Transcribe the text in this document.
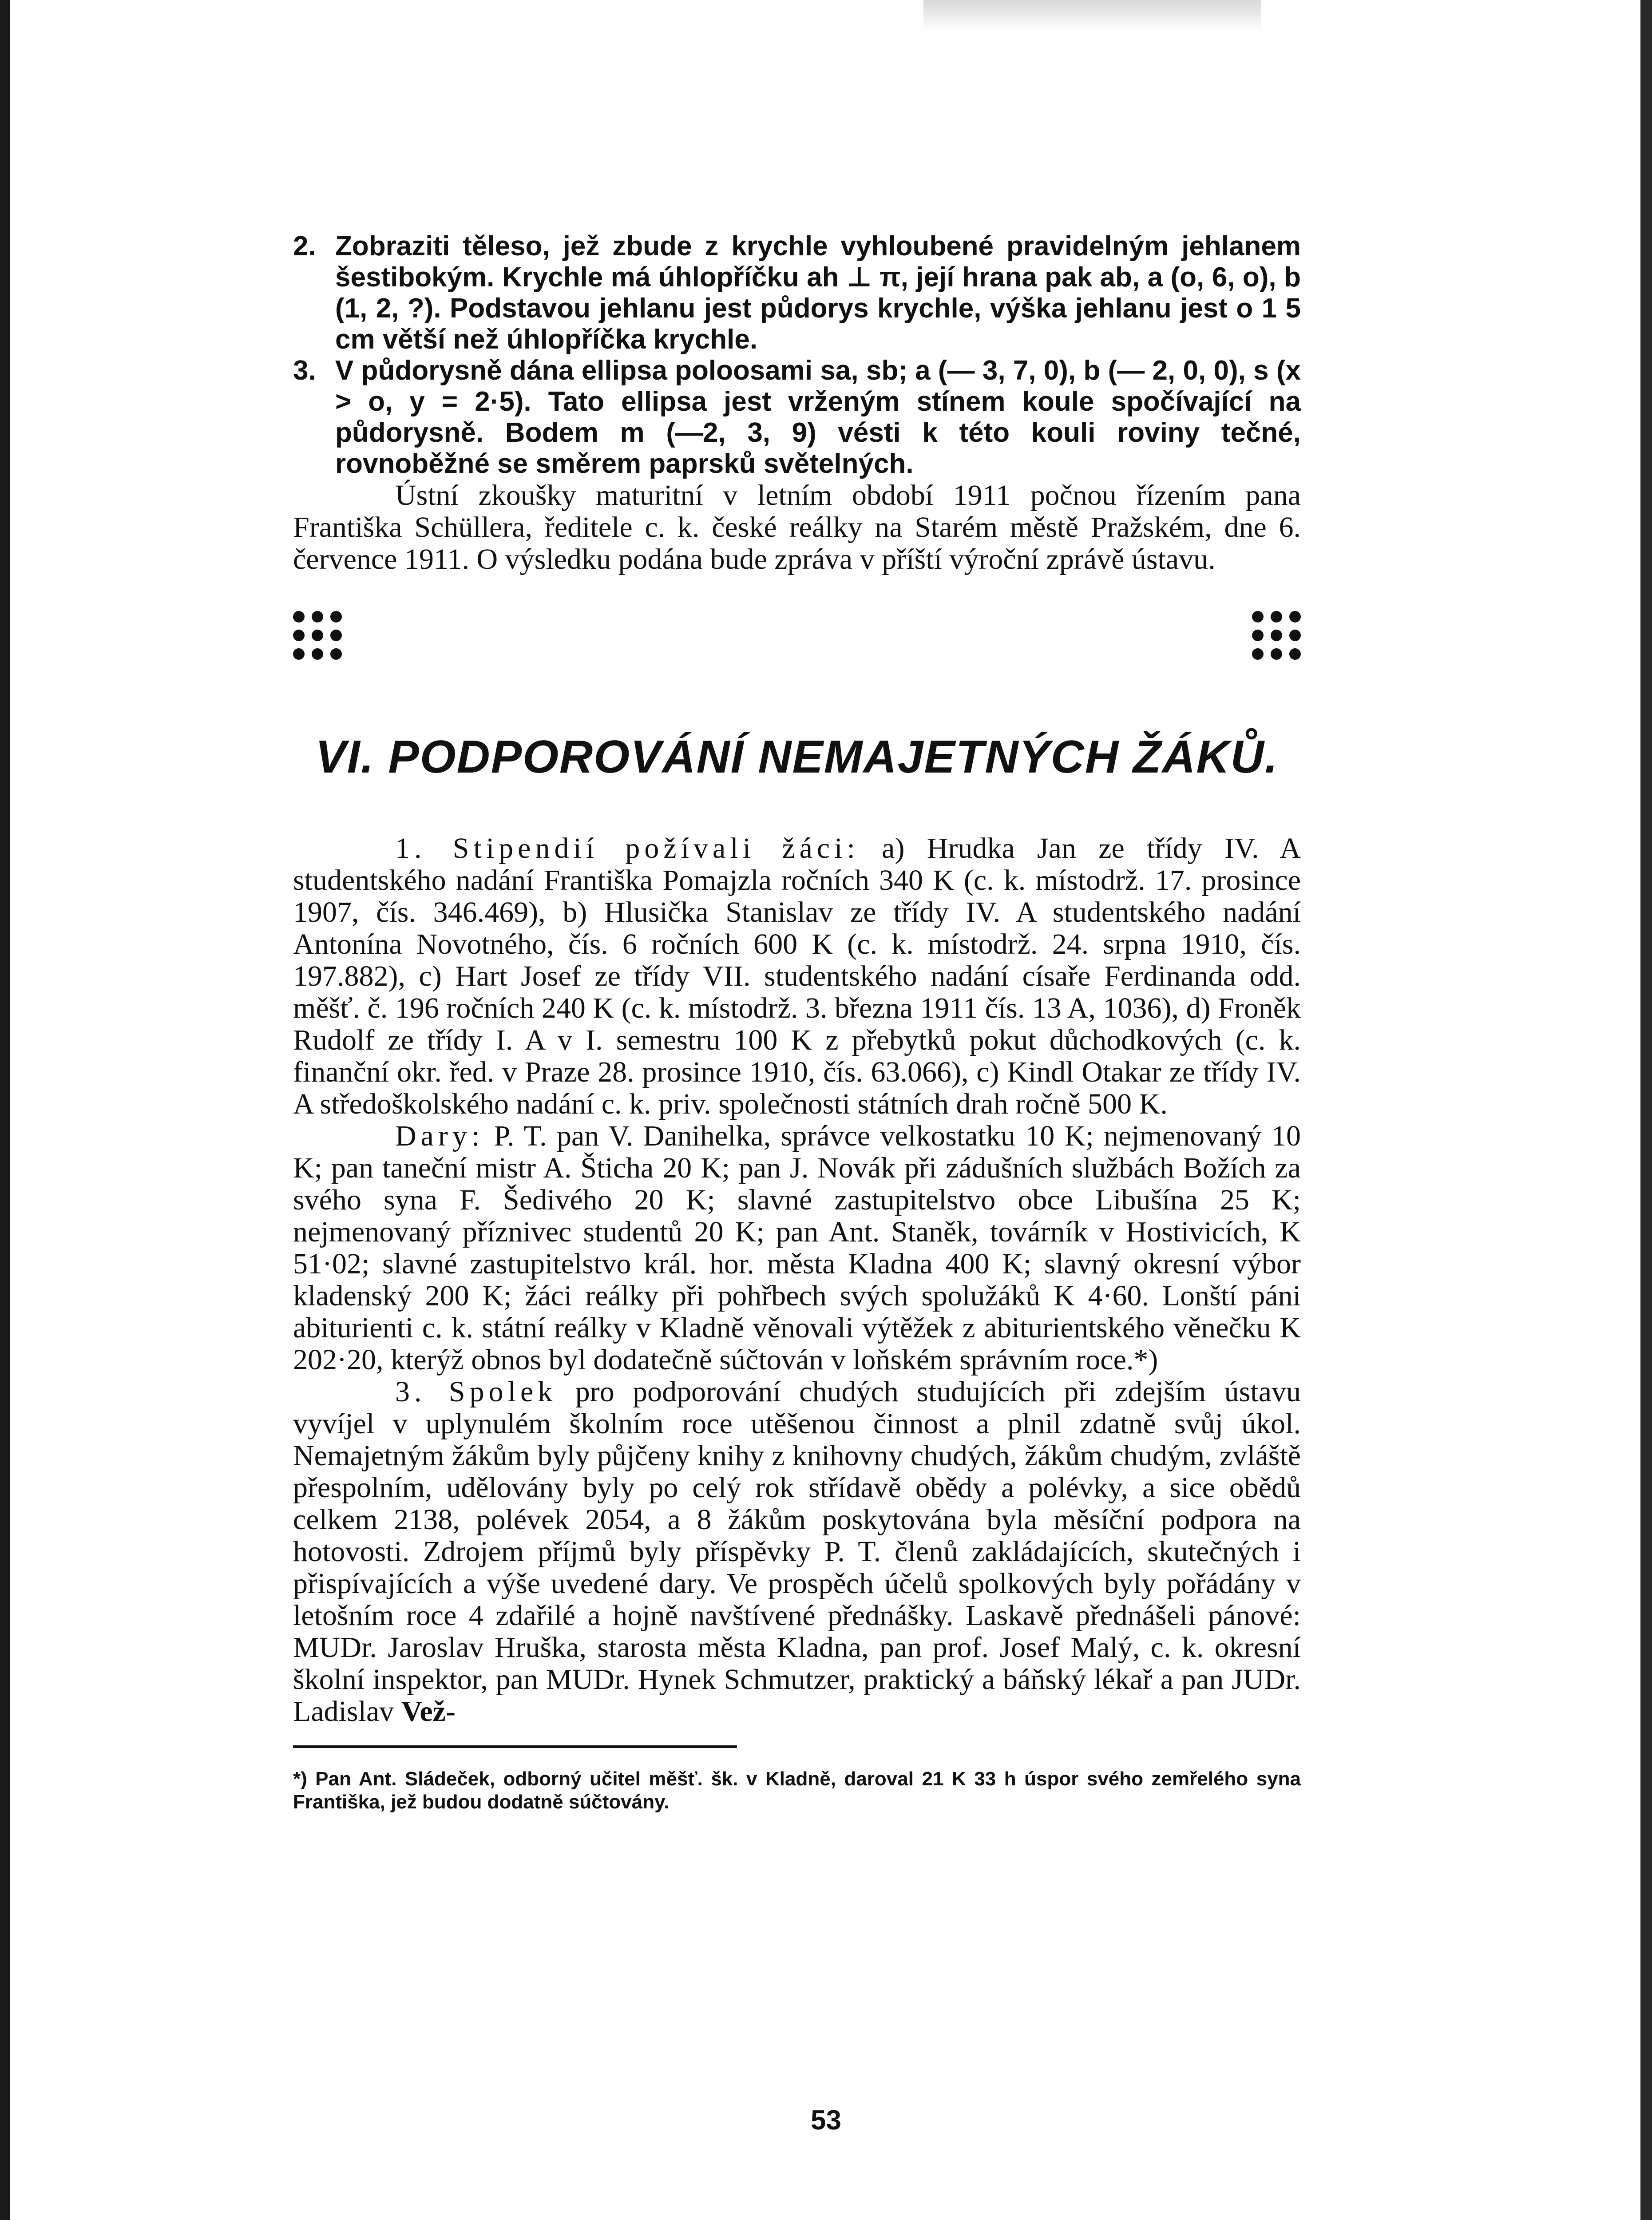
2. Zobraziti těleso, jež zbude z krychle vyhloubené pravidelným jehlanem šestibokým. Krychle má úhlopříčku ah ⊥ π, její hrana pak ab, a (o, 6, o), b (1, 2, ?). Podstavou jehlanu jest půdorys krychle, výška jehlanu jest o 1 5 cm větší než úhlopříčka krychle.
3. V půdorysně dána ellipsa poloosami sa, sb; a (— 3, 7, 0), b (— 2, 0, 0), s (x > o, y = 2·5). Tato ellipsa jest vrženým stínem koule spočívající na půdorysně. Bodem m (—2, 3, 9) vésti k této kouli roviny tečné, rovnoběžné se směrem paprsků světelných.

Ústní zkoušky maturitní v letním období 1911 počnou řízením pana Františka Schüllera, ředitele c. k. české reálky na Starém městě Pražském, dne 6. července 1911. O výsledku podána bude zpráva v příští výroční zprávě ústavu.

VI. PODPOROVÁNÍ NEMAJETNÝCH ŽÁKŮ.

1. Stipendií požívali žáci: a) Hrudka Jan ze třídy IV. A studentského nadání Františka Pomajzla ročních 340 K (c. k. místodrž. 17. prosince 1907, čís. 346.469), b) Hlusička Stanislav ze třídy IV. A studentského nadání Antonína Novotného, čís. 6 ročních 600 K (c. k. místodrž. 24. srpna 1910, čís. 197.882), c) Hart Josef ze třídy VII. studentského nadání císaře Ferdinanda odd. měšť. č. 196 ročních 240 K (c. k. místodrž. 3. března 1911 čís. 13 A, 1036), d) Froněk Rudolf ze třídy I. A v I. semestru 100 K z přebytků pokut důchodkových (c. k. finanční okr. řed. v Praze 28. prosince 1910, čís. 63.066), c) Kindl Otakar ze třídy IV. A středoškolského nadání c. k. priv. společnosti státních drah ročně 500 K.

Dary: P. T. pan V. Danihelka, správce velkostatku 10 K; nejmenovaný 10 K; pan taneční mistr A. Šticha 20 K; pan J. Novák při zádušních službách Božích za svého syna F. Šedivého 20 K; slavné zastupitelstvo obce Libušína 25 K; nejmenovaný příznivec studentů 20 K; pan Ant. Staněk, továrník v Hostivicích, K 51·02; slavné zastupitelstvo král. hor. města Kladna 400 K; slavný okresní výbor kladenský 200 K; žáci reálky při pohřbech svých spolužáků K 4·60. Lonští páni abiturienti c. k. státní reálky v Kladně věnovali výtěžek z abiturientského věnečku K 202·20, kterýž obnos byl dodatečně súčtován v loňském správním roce.*)

3. Spolek pro podporování chudých studujících při zdejším ústavu vyvíjel v uplynulém školním roce utěšenou činnost a plnil zdatně svůj úkol. Nemajetným žákům byly půjčeny knihy z knihovny chudých, žákům chudým, zvláště přespolním, udělovány byly po celý rok střídavě obědy a polévky, a sice obědů celkem 2138, polévek 2054, a 8 žákům poskytována byla měsíční podpora na hotovosti. Zdrojem příjmů byly příspěvky P. T. členů zakládajících, skutečných i přispívajících a výše uvedené dary. Ve prospěch účelů spolkových byly pořádány v letošním roce 4 zdařilé a hojně navštívené přednášky. Laskavě přednášeli pánové: MUDr. Jaroslav Hruška, starosta města Kladna, pan prof. Josef Malý, c. k. okresní školní inspektor, pan MUDr. Hynek Schmutzer, praktický a báňský lékař a pan JUDr. Ladislav Vež-

*) Pan Ant. Sládeček, odborný učitel měšť. šk. v Kladně, daroval 21 K 33 h úspor svého zemřelého syna Františka, jež budou dodatně súčtovány.

53
